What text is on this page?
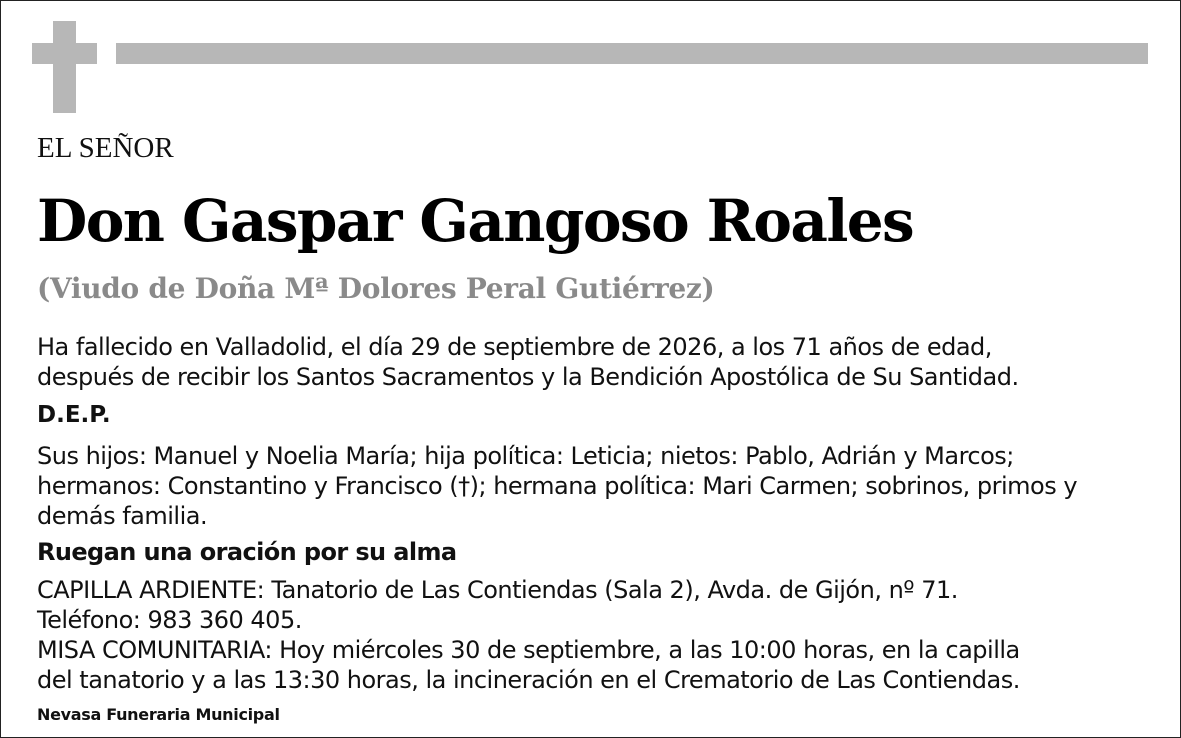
EL SEÑOR
Don Gaspar Gangoso Roales
(Viudo de Doña Mª Dolores Peral Gutiérrez)
Ha fallecido en Valladolid, el día 29 de septiembre de 2026, a los 71 años de edad,
después de recibir los Santos Sacramentos y la Bendición Apostólica de Su Santidad.
D.E.P.
Sus hijos: Manuel y Noelia María; hija política: Leticia; nietos: Pablo, Adrián y Marcos;
hermanos: Constantino y Francisco (†); hermana política: Mari Carmen; sobrinos, primos y
demás familia.
Ruegan una oración por su alma
CAPILLA ARDIENTE: Tanatorio de Las Contiendas (Sala 2), Avda. de Gijón, nº 71.
Teléfono: 983 360 405.
MISA COMUNITARIA: Hoy miércoles 30 de septiembre, a las 10:00 horas, en la capilla
del tanatorio y a las 13:30 horas, la incineración en el Crematorio de Las Contiendas.
Nevasa Funeraria Municipal
